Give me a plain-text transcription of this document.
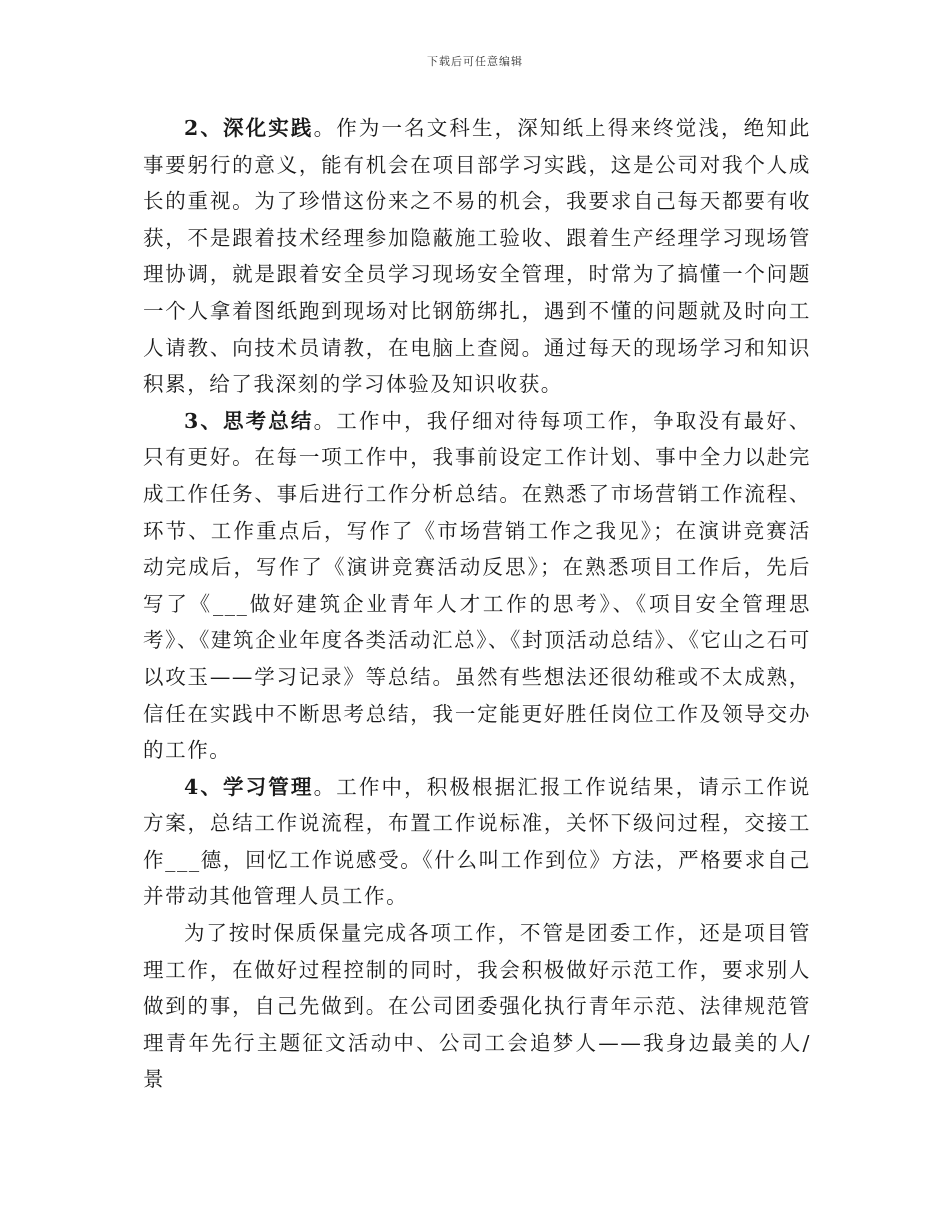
下载后可任意编辑

2、深化实践。作为一名文科生，深知纸上得来终觉浅，绝知此事要躬行的意义，能有机会在项目部学习实践，这是公司对我个人成长的重视。为了珍惜这份来之不易的机会，我要求自己每天都要有收获，不是跟着技术经理参加隐蔽施工验收、跟着生产经理学习现场管理协调，就是跟着安全员学习现场安全管理，时常为了搞懂一个问题一个人拿着图纸跑到现场对比钢筋绑扎，遇到不懂的问题就及时向工人请教、向技术员请教，在电脑上查阅。通过每天的现场学习和知识积累，给了我深刻的学习体验及知识收获。

3、思考总结。工作中，我仔细对待每项工作，争取没有最好、只有更好。在每一项工作中，我事前设定工作计划、事中全力以赴完成工作任务、事后进行工作分析总结。在熟悉了市场营销工作流程、环节、工作重点后，写作了《市场营销工作之我见》；在演讲竞赛活动完成后，写作了《演讲竞赛活动反思》；在熟悉项目工作后，先后写了《___做好建筑企业青年人才工作的思考》、《项目安全管理思考》、《建筑企业年度各类活动汇总》、《封顶活动总结》、《它山之石可以攻玉——学习记录》等总结。虽然有些想法还很幼稚或不太成熟，信任在实践中不断思考总结，我一定能更好胜任岗位工作及领导交办的工作。

4、学习管理。工作中，积极根据汇报工作说结果，请示工作说方案，总结工作说流程，布置工作说标准，关怀下级问过程，交接工作___德，回忆工作说感受。《什么叫工作到位》方法，严格要求自己并带动其他管理人员工作。

为了按时保质保量完成各项工作，不管是团委工作，还是项目管理工作，在做好过程控制的同时，我会积极做好示范工作，要求别人做到的事，自己先做到。在公司团委强化执行青年示范、法律规范管理青年先行主题征文活动中、公司工会追梦人——我身边最美的人/景
